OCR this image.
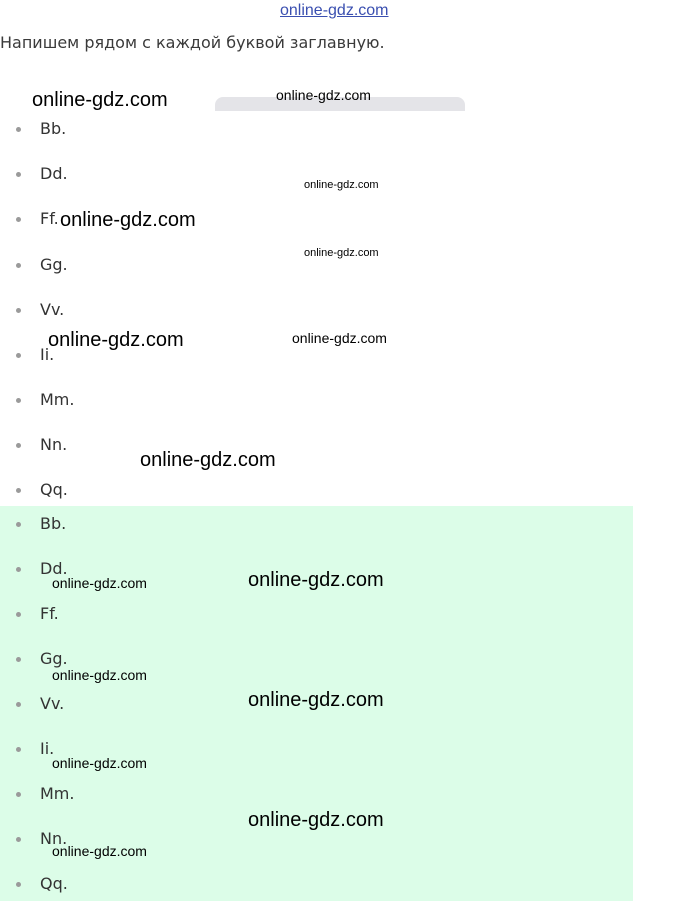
online-gdz.com
Напишем рядом с каждой буквой заглавную.
Bb.
Dd.
Ff.
Gg.
Vv.
Ii.
Mm.
Nn.
Qq.
Bb.
Dd.
Ff.
Gg.
Vv.
Ii.
Mm.
Nn.
Qq.
online-gdz.com	online-gdz.com
online-gdz.com
online-gdz.com
online-gdz.com
online-gdz.com	online-gdz.com
online-gdz.com
online-gdz.com	online-gdz.com
online-gdz.com
online-gdz.com
online-gdz.com
online-gdz.com
online-gdz.com
